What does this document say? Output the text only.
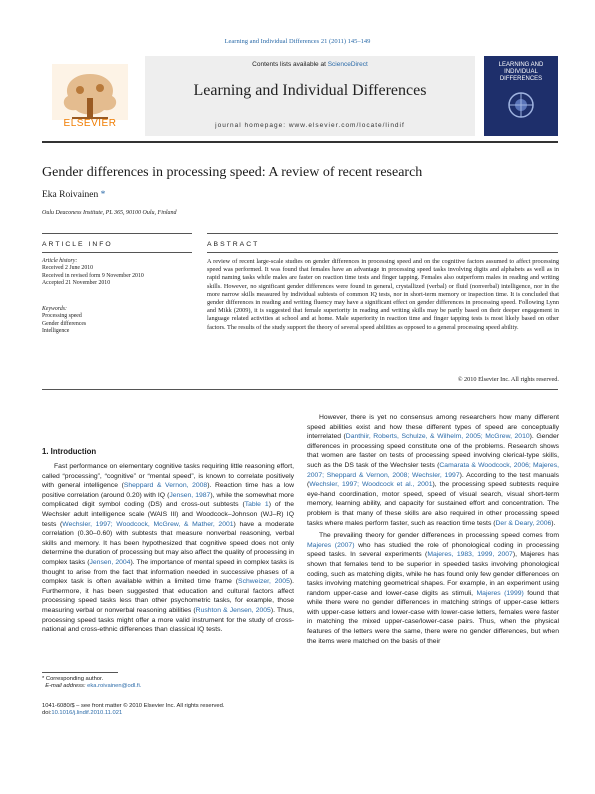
Learning and Individual Differences 21 (2011) 145–149
ELSEVIER
Contents lists available at ScienceDirect
Learning and Individual Differences
journal homepage: www.elsevier.com/locate/lindif
LEARNING AND INDIVIDUAL DIFFERENCES
Gender differences in processing speed: A review of recent research
Eka Roivainen *
Oulu Deaconess Institute, PL 365, 90100 Oulu, Finland
ARTICLE INFO	ABSTRACT
Article history:
Received 2 June 2010
Received in revised form 9 November 2010
Accepted 21 November 2010
Keywords:
Processing speed
Gender differences
Intelligence
A review of recent large-scale studies on gender differences in processing speed and on the cognitive factors assumed to affect processing speed was performed. It was found that females have an advantage in processing speed tasks involving digits and alphabets as well as in rapid naming tasks while males are faster on reaction time tests and finger tapping. Females also outperform males in reading and writing skills. However, no significant gender differences were found in general, crystallized (verbal) or fluid (nonverbal) intelligence, nor in the more narrow skills measured by individual subtests of common IQ tests, nor in short-term memory or inspection time. It is concluded that gender differences in reading and writing fluency may have a significant effect on gender differences in processing speed. Following Lynn and Mikk (2009), it is suggested that female superiority in reading and writing skills may be partly based on their deeper engagement in language related activities at school and at home. Male superiority in reaction time and finger tapping tests is most likely based on other factors. The results of the study support the theory of several speed abilities as opposed to a general processing speed ability.
© 2010 Elsevier Inc. All rights reserved.
1. Introduction

Fast performance on elementary cognitive tasks requiring little reasoning effort, called “processing”, “cognitive” or “mental speed”, is known to correlate positively with general intelligence (Sheppard & Vernon, 2008). Reaction time has a low positive correlation (around 0.20) with IQ (Jensen, 1987), while the somewhat more complicated digit symbol coding (DS) and cross-out subtests (Table 1) of the Wechsler adult intelligence scale (WAIS III) and Woodcock–Johnson (WJ–R) IQ tests (Wechsler, 1997; Woodcock, McGrew, & Mather, 2001) have a moderate correlation (0.30–0.60) with subtests that measure nonverbal reasoning, verbal skills and memory. It has been hypothesized that cognitive speed does not only determine the duration of processing but may also affect the quality of processing in complex tasks (Jensen, 2004). The importance of mental speed in complex tasks is thought to arise from the fact that information needed in successive phases of a complex task is often available within a limited time frame (Schweizer, 2005). Furthermore, it has been suggested that education and cultural factors affect processing speed tasks less than other psychometric tasks, for example, those measuring verbal or nonverbal reasoning abilities (Rushton & Jensen, 2005). Thus, processing speed tasks might offer a more valid instrument for the study of cross-national and cross-ethnic differences than classical IQ tests.

However, there is yet no consensus among researchers how many different speed abilities exist and how these different types of speed are conceptually interrelated (Danthiir, Roberts, Schulze, & Wilhelm, 2005; McGrew, 2010). Gender differences in processing speed constitute one of the problems. Research shows that women are faster on tests of processing speed involving clerical-type skills, such as the DS task of the Wechsler tests (Camarata & Woodcock, 2006; Majeres, 2007; Sheppard & Vernon, 2008; Wechsler, 1997). According to the test manuals (Wechsler, 1997; Woodcock et al., 2001), the processing speed subtests require eye-hand coordination, motor speed, speed of visual search, visual short-term memory, learning ability, and capacity for sustained effort and concentration. The problem is that many of these skills are also required in other processing speed tasks where males perform faster, such as reaction time tests (Der & Deary, 2006).

The prevailing theory for gender differences in processing speed comes from Majeres (2007) who has studied the role of phonological coding in processing speed tasks. In several experiments (Majeres, 1983, 1999, 2007), Majeres has shown that females tend to be superior in speeded tasks involving phonological coding, such as matching digits, while he has found only few gender differences on tasks involving matching geometrical shapes. For example, in an experiment using random upper-case and lower-case digits as stimuli, Majeres (1999) found that while there were no gender differences in matching strings of upper-case letters with upper-case letters and lower-case with lower-case letters, females were faster in matching the mixed upper-case/lower-case pairs. Thus, when the physical features of the letters were the same, there were no gender differences, but when the items were matched on the basis of their

* Corresponding author.
E-mail address: eka.roivainen@odl.fi.
1041-6080/$ – see front matter © 2010 Elsevier Inc. All rights reserved.
doi:10.1016/j.lindif.2010.11.021
